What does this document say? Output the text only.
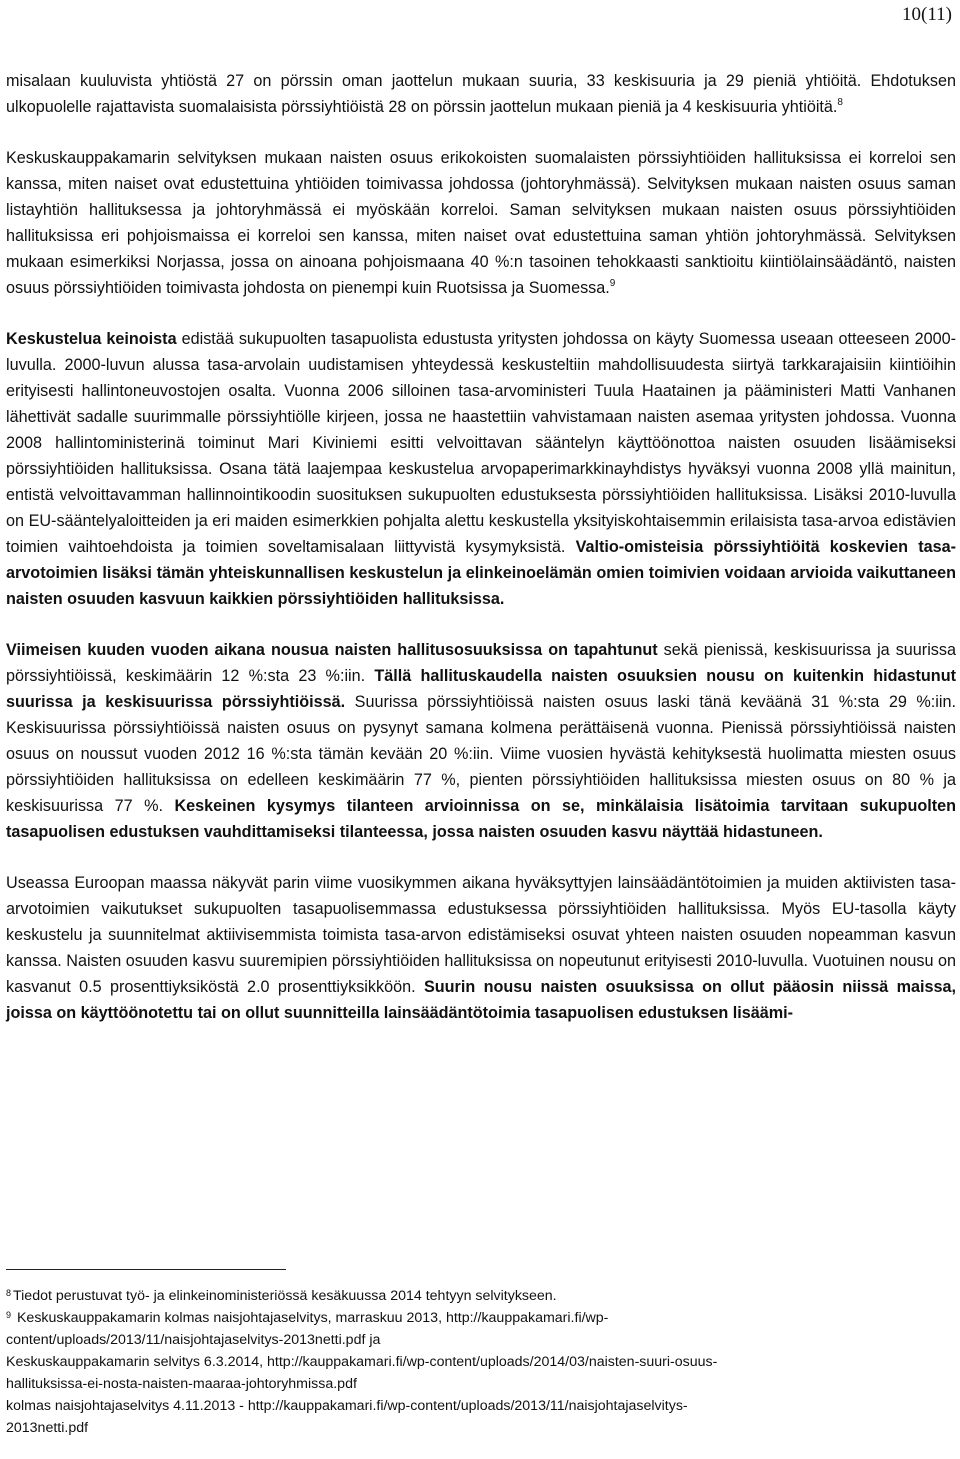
10(11)

misalaan kuuluvista yhtiöstä 27 on pörssin oman jaottelun mukaan suuria, 33 keskisuuria ja 29 pieniä yhtiöitä. Ehdotuksen ulkopuolelle rajattavista suomalaisista pörssiyhtiöistä 28 on pörssin jaottelun mukaan pieniä ja 4 keskisuuria yhtiöitä.$^8$

Keskuskauppakamarin selvityksen mukaan naisten osuus erikokoisten suomalaisten pörssiyhtiöiden hallituksissa ei korreloi sen kanssa, miten naiset ovat edustettuina yhtiöiden toimivassa johdossa (johtoryhmässä). Selvityksen mukaan naisten osuus saman listayhtiön hallituksessa ja johtoryhmässä ei myöskään korreloi. Saman selvityksen mukaan naisten osuus pörssiyhtiöiden hallituksissa eri pohjoismaissa ei korreloi sen kanssa, miten naiset ovat edustettuina saman yhtiön johtoryhmässä. Selvityksen mukaan esimerkiksi Norjassa, jossa on ainoana pohjoismaana 40 %:n tasoinen tehokkaasti sanktioitu kiintiölainsäädäntö, naisten osuus pörssiyhtiöiden toimivasta johdosta on pienempi kuin Ruotsissa ja Suomessa.$^9$

Keskustelua keinoista edistää sukupuolten tasapuolista edustusta yritysten johdossa on käyty Suomessa useaan otteeseen 2000-luvulla. 2000-luvun alussa tasa-arvolain uudistamisen yhteydessä keskusteltiin mahdollisuudesta siirtyä tarkkarajaisiin kiintiöihin erityisesti hallintoneuvostojen osalta. Vuonna 2006 silloinen tasa-arvoministeri Tuula Haatainen ja pääministeri Matti Vanhanen lähettivät sadalle suurimmalle pörssiyhtiölle kirjeen, jossa ne haastettiin vahvistamaan naisten asemaa yritysten johdossa. Vuonna 2008 hallintoministerinä toiminut Mari Kiviniemi esitti velvoittavan sääntelyn käyttöönottoa naisten osuuden lisäämiseksi pörssiyhtiöiden hallituksissa. Osana tätä laajempaa keskustelua arvopaperimarkkinayhdistys hyväksyi vuonna 2008 yllä mainitun, entistä velvoittavamman hallinnointikoodin suosituksen sukupuolten edustuksesta pörssiyhtiöiden hallituksissa. Lisäksi 2010-luvulla on EU-sääntelyaloitteiden ja eri maiden esimerkkien pohjalta alettu keskustella yksityiskohtaisemmin erilaisista tasa-arvoa edistävien toimien vaihtoehdoista ja toimien soveltamisalaan liittyvistä kysymyksistä. Valtio-omisteisia pörssiyhtiöitä koskevien tasa-arvotoimien lisäksi tämän yhteiskunnallisen keskustelun ja elinkeinoelämän omien toimivien voidaan arvioida vaikuttaneen naisten osuuden kasvuun kaikkien pörssiyhtiöiden hallituksissa.

Viimeisen kuuden vuoden aikana nousua naisten hallitusosuuksissa on tapahtunut sekä pienissä, keskisuurissa ja suurissa pörssiyhtiöissä, keskimäärin 12 %:sta 23 %:iin. Tällä hallituskaudella naisten osuuksien nousu on kuitenkin hidastunut suurissa ja keskisuurissa pörssiyhtiöissä. Suurissa pörssiyhtiöissä naisten osuus laski tänä keväänä 31 %:sta 29 %:iin. Keskisuurissa pörssiyhtiöissä naisten osuus on pysynyt samana kolmena perättäisenä vuonna. Pienissä pörssiyhtiöissä naisten osuus on noussut vuoden 2012 16 %:sta tämän kevään 20 %:iin. Viime vuosien hyvästä kehityksestä huolimatta miesten osuus pörssiyhtiöiden hallituksissa on edelleen keskimäärin 77 %, pienten pörssiyhtiöiden hallituksissa miesten osuus on 80 % ja keskisuurissa 77 %. Keskeinen kysymys tilanteen arvioinnissa on se, minkälaisia lisätoimia tarvitaan sukupuolten tasapuolisen edustuksen vauhdittamiseksi tilanteessa, jossa naisten osuuden kasvu näyttää hidastuneen.

Useassa Euroopan maassa näkyvät parin viime vuosikymmen aikana hyväksyttyjen lainsäädäntötoimien ja muiden aktiivisten tasa-arvotoimien vaikutukset sukupuolten tasapuolisemmassa edustuksessa pörssiyhtiöiden hallituksissa. Myös EU-tasolla käyty keskustelu ja suunnitelmat aktiivisemmista toimista tasa-arvon edistämiseksi osuvat yhteen naisten osuuden nopeamman kasvun kanssa. Naisten osuuden kasvu suuremipien pörssiyhtiöiden hallituksissa on nopeutunut erityisesti 2010-luvulla. Vuotuinen nousu on kasvanut 0.5 prosenttiyksiköstä 2.0 prosenttiyksikköön. Suurin nousu naisten osuuksissa on ollut pääosin niissä maissa, joissa on käyttöönotettu tai on ollut suunnitteilla lainsäädäntötoimia tasapuolisen edustuksen lisäämi-

$^8$ Tiedot perustuvat työ- ja elinkeinoministeriössä kesäkuussa 2014 tehtyyn selvitykseen.

$^9$ Keskuskauppakamarin kolmas naisjohtajaselvitys, marraskuu 2013, http://kauppakamari.fi/wp-

content/uploads/2013/11/naisjohtajaselvitys-2013netti.pdf ja

Keskuskauppakamarin selvitys 6.3.2014, http://kauppakamari.fi/wp-content/uploads/2014/03/naisten-suuri-osuus-

hallituksissa-ei-nosta-naisten-maaraa-johtoryhmissa.pdf

kolmas naisjohtajaselvitys 4.11.2013 - http://kauppakamari.fi/wp-content/uploads/2013/11/naisjohtajaselvitys-

2013netti.pdf
